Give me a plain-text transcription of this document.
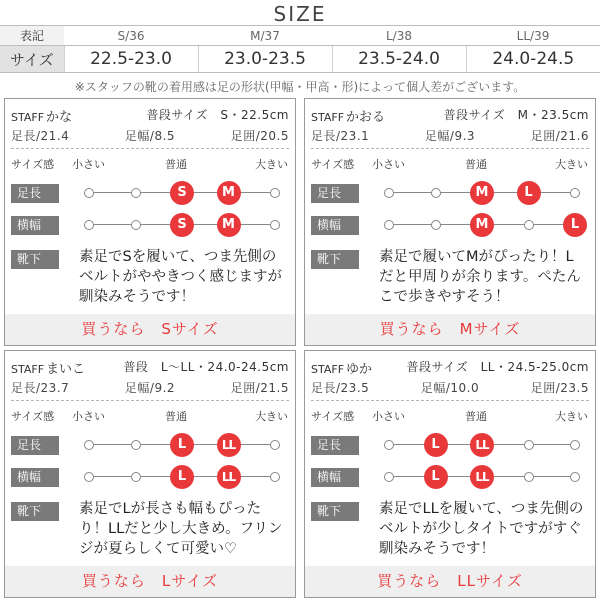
SIZE
表記	S/36	M/37	L/38	LL/39
サイズ	22.5-23.0	23.0-23.5	23.5-24.0	24.0-24.5
※スタッフの靴の着用感は足の形状(甲幅・甲高・形)によって個人差がございます。
STAFF かな	普段サイズ　S・22.5cm
足長/21.4	足幅/8.5	足囲/20.5
サイズ感 小さい	普通	大きい
足長	S	M
横幅	S	M
靴下	素足でSを履いて、つま先側のベルトがややきつく感じますが馴染みそうです！
買うなら　Sサイズ
STAFF かおる	普段サイズ　M・23.5cm
足長/23.1	足幅/9.3	足囲/21.6
サイズ感 小さい	普通	大きい
足長	M	L
横幅	M	L
靴下	素足で履いてMがぴったり！Lだと甲周りが余ります。ぺたんこで歩きやすそう！
買うなら　Mサイズ
STAFF まいこ	普段　L～LL・24.0-24.5cm
足長/23.7	足幅/9.2	足囲/21.5
サイズ感 小さい	普通	大きい
足長	L	LL
横幅	L	LL
靴下	素足でLが長さも幅もぴったり！LLだと少し大きめ。フリンジが夏らしくて可愛い♡
買うなら　Lサイズ
STAFF ゆか	普段サイズ　LL・24.5-25.0cm
足長/23.5	足幅/10.0	足囲/23.5
サイズ感 小さい	普通	大きい
足長	L	LL
横幅	L	LL
靴下	素足でLLを履いて、つま先側のベルトが少しタイトですがすぐ馴染みそうです！
買うなら　LLサイズ
